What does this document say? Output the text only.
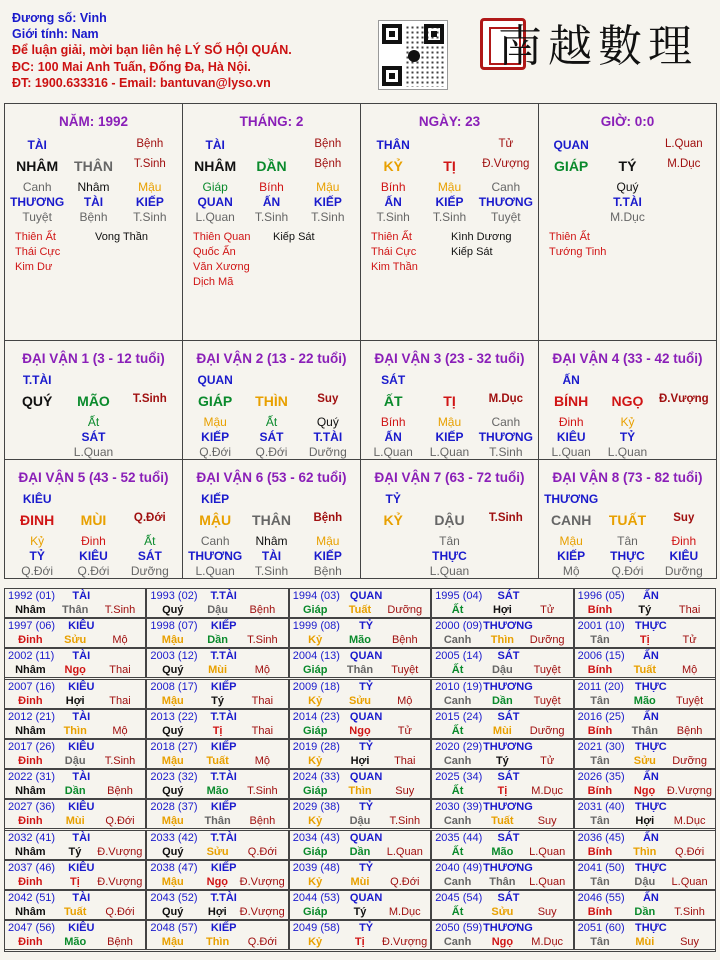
Đương số: Vinh
Giới tính: Nam
Để luận giải, mời bạn liên hệ LÝ SỐ HỘI QUÁN.
ĐC: 100 Mai Anh Tuấn, Đống Đa, Hà Nội.
ĐT: 1900.633316 - Email: bantuvan@lyso.vn
南越數理
NĂM: 1992
TÀI	Bệnh
NHÂM	THÂN	T.Sinh
Canh	Nhâm	Mậu
THƯƠNG	TÀI	KIẾP
Tuyệt	Bệnh	T.Sinh
Thiên Ất
Thái Cực
Kim Dư
Vong Thần
THÁNG: 2
TÀI	Bệnh
NHÂM	DẦN	Bệnh
Giáp	Bính	Mậu
QUAN	ẤN	KIẾP
L.Quan	T.Sinh	T.Sinh
Thiên Quan
Quốc Ấn
Văn Xương
Dịch Mã
Kiếp Sát
NGÀY: 23
THÂN	Tử
KỶ	TỊ	Đ.Vượng
Bính	Mậu	Canh
ẤN	KIẾP	THƯƠNG
T.Sinh	T.Sinh	Tuyệt
Thiên Ất
Thái Cực
Kim Thần
Kình Dương
Kiếp Sát
GIỜ: 0:0
QUAN	L.Quan
GIÁP	TÝ	M.Dục
Quý
T.TÀI
M.Dục
Thiên Ất
Tướng Tinh
ĐẠI VẬN 1 (3 - 12 tuổi)
T.TÀI
QUÝ	MÃO	T.Sinh
Ất
SÁT
L.Quan
ĐẠI VẬN 2 (13 - 22 tuổi)
QUAN
GIÁP	THÌN	Suy
Mậu	Ất	Quý
KIẾP	SÁT	T.TÀI
Q.Đới	Q.Đới	Dưỡng
ĐẠI VẬN 3 (23 - 32 tuổi)
SÁT
ẤT	TỊ	M.Dục
Bính	Mậu	Canh
ẤN	KIẾP	THƯƠNG
L.Quan	L.Quan	T.Sinh
ĐẠI VẬN 4 (33 - 42 tuổi)
ẤN
BÍNH	NGỌ	Đ.Vượng
Đinh	Kỷ
KIÊU	TỶ
L.Quan	L.Quan
ĐẠI VẬN 5 (43 - 52 tuổi)
KIÊU
ĐINH	MÙI	Q.Đới
Kỷ	Đinh	Ất
TỶ	KIÊU	SÁT
Q.Đới	Q.Đới	Dưỡng
ĐẠI VẬN 6 (53 - 62 tuổi)
KIẾP
MẬU	THÂN	Bệnh
Canh	Nhâm	Mậu
THƯƠNG	TÀI	KIẾP
L.Quan	T.Sinh	Bệnh
ĐẠI VẬN 7 (63 - 72 tuổi)
TỶ
KỶ	DẬU	T.Sinh
Tân
THỰC
L.Quan
ĐẠI VẬN 8 (73 - 82 tuổi)
THƯƠNG
CANH	TUẤT	Suy
Mậu	Tân	Đinh
KIẾP	THỰC	KIÊU
Mộ	Q.Đới	Dưỡng
1992 (01)	TÀI
Nhâm	Thân	T.Sinh
1993 (02)	T.TÀI
Quý	Dậu	Bệnh
1994 (03) QUAN
Giáp	Tuất	Dưỡng
1995 (04)	SÁT
Ất	Hợi	Tử
1996 (05)	ẤN
Bính	Tý	Thai
1997 (06)	KIÊU
Đinh	Sửu	Mộ
1998 (07)	KIẾP
Mậu	Dần	T.Sinh
1999 (08)	TỶ
Kỷ	Mão	Bệnh
2000 (09) THƯƠNG
Canh	Thìn	Dưỡng
2001 (10) THỰC
Tân	Tị	Tử
2002 (11)	TÀI
Nhâm	Ngọ	Thai
2003 (12)	T.TÀI
Quý	Mùi	Mộ
2004 (13) QUAN
Giáp	Thân	Tuyệt
2005 (14)	SÁT
Ất	Dậu	Tuyệt
2006 (15)	ẤN
Bính	Tuất	Mộ
2007 (16)	KIÊU
Đinh	Hợi	Thai
2008 (17)	KIẾP
Mậu	Tý	Thai
2009 (18)	TỶ
Kỷ	Sửu	Mộ
2010 (19) THƯƠNG
Canh	Dần	Tuyệt
2011 (20)	THỰC
Tân	Mão	Tuyệt
2012 (21)	TÀI
Nhâm	Thìn	Mộ
2013 (22)	T.TÀI
Quý	Tị	Thai
2014 (23) QUAN
Giáp	Ngọ	Tử
2015 (24)	SÁT
Ất	Mùi	Dưỡng
2016 (25)	ẤN
Bính	Thân	Bệnh
2017 (26)	KIÊU
Đinh	Dậu	T.Sinh
2018 (27)	KIẾP
Mậu	Tuất	Mộ
2019 (28)	TỶ
Kỷ	Hợi	Thai
2020 (29) THƯƠNG
Canh	Tý	Tử
2021 (30) THỰC
Tân	Sửu	Dưỡng
2022 (31)	TÀI
Nhâm	Dần	Bệnh
2023 (32)	T.TÀI
Quý	Mão	T.Sinh
2024 (33) QUAN
Giáp	Thìn	Suy
2025 (34)	SÁT
Ất	Tị	M.Dục
2026 (35)	ẤN
Bính	Ngọ	Đ.Vượng
2027 (36)	KIÊU
Đinh	Mùi	Q.Đới
2028 (37)	KIẾP
Mậu	Thân	Bệnh
2029 (38)	TỶ
Kỷ	Dậu	T.Sinh
2030 (39) THƯƠNG
Canh	Tuất	Suy
2031 (40) THỰC
Tân	Hợi	M.Dục
2032 (41)	TÀI
Nhâm	Tý	Đ.Vượng
2033 (42)	T.TÀI
Quý	Sửu	Q.Đới
2034 (43) QUAN
Giáp	Dần	L.Quan
2035 (44)	SÁT
Ất	Mão	L.Quan
2036 (45)	ẤN
Bính	Thìn	Q.Đới
2037 (46)	KIÊU
Đinh	Tị	Đ.Vượng
2038 (47)	KIẾP
Mậu	Ngọ	Đ.Vượng
2039 (48)	TỶ
Kỷ	Mùi	Q.Đới
2040 (49) THƯƠNG
Canh	Thân	L.Quan
2041 (50) THỰC
Tân	Dậu	L.Quan
2042 (51)	TÀI
Nhâm	Tuất	Q.Đới
2043 (52)	T.TÀI
Quý	Hợi	Đ.Vượng
2044 (53) QUAN
Giáp	Tý	M.Dục
2045 (54)	SÁT
Ất	Sửu	Suy
2046 (55)	ẤN
Bính	Dần	T.Sinh
2047 (56)	KIÊU
Đinh	Mão	Bệnh
2048 (57)	KIẾP
Mậu	Thìn	Q.Đới
2049 (58)	TỶ
Kỷ	Tị	Đ.Vượng
2050 (59) THƯƠNG
Canh	Ngọ	M.Dục
2051 (60) THỰC
Tân	Mùi	Suy
